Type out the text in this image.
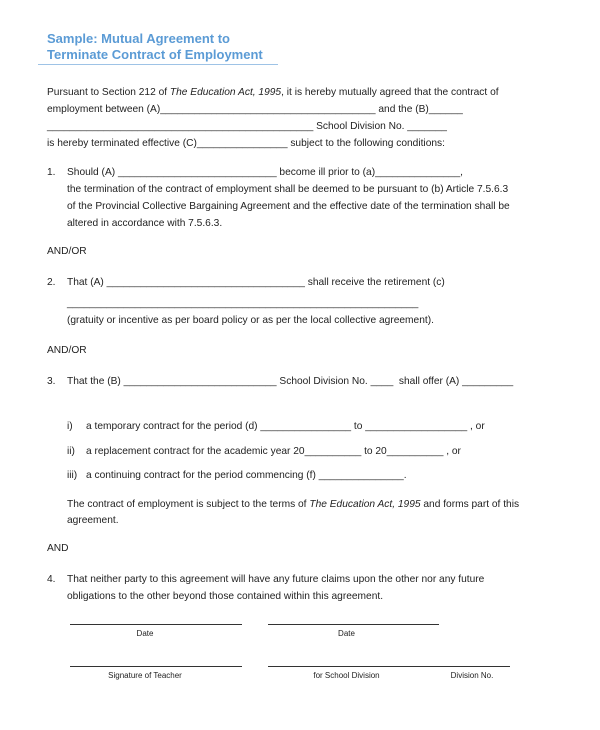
Sample: Mutual Agreement to
Terminate Contract of Employment
Pursuant to Section 212 of The Education Act, 1995, it is hereby mutually agreed that the contract of
employment between (A)______________________________________ and the (B)______
_______________________________________________ School Division No. _______
is hereby terminated effective (C)________________ subject to the following conditions:
1. Should (A) ____________________________ become ill prior to (a)_______________,
the termination of the contract of employment shall be deemed to be pursuant to (b) Article 7.5.6.3
of the Provincial Collective Bargaining Agreement and the effective date of the termination shall be
altered in accordance with 7.5.6.3.
AND/OR
2. That (A) ___________________________________ shall receive the retirement (c)
______________________________________________________________
(gratuity or incentive as per board policy or as per the local collective agreement).
AND/OR
3. That the (B) ___________________________ School Division No. ____  shall offer (A) _________
i) a temporary contract for the period (d) ________________ to __________________ , or
ii) a replacement contract for the academic year 20__________ to 20__________ , or
iii) a continuing contract for the period commencing (f) _______________.
The contract of employment is subject to the terms of The Education Act, 1995 and forms part of this
agreement.
AND
4. That neither party to this agreement will have any future claims upon the other nor any future
obligations to the other beyond those contained within this agreement.
Date	Date
Signature of Teacher	for School Division	Division No.
